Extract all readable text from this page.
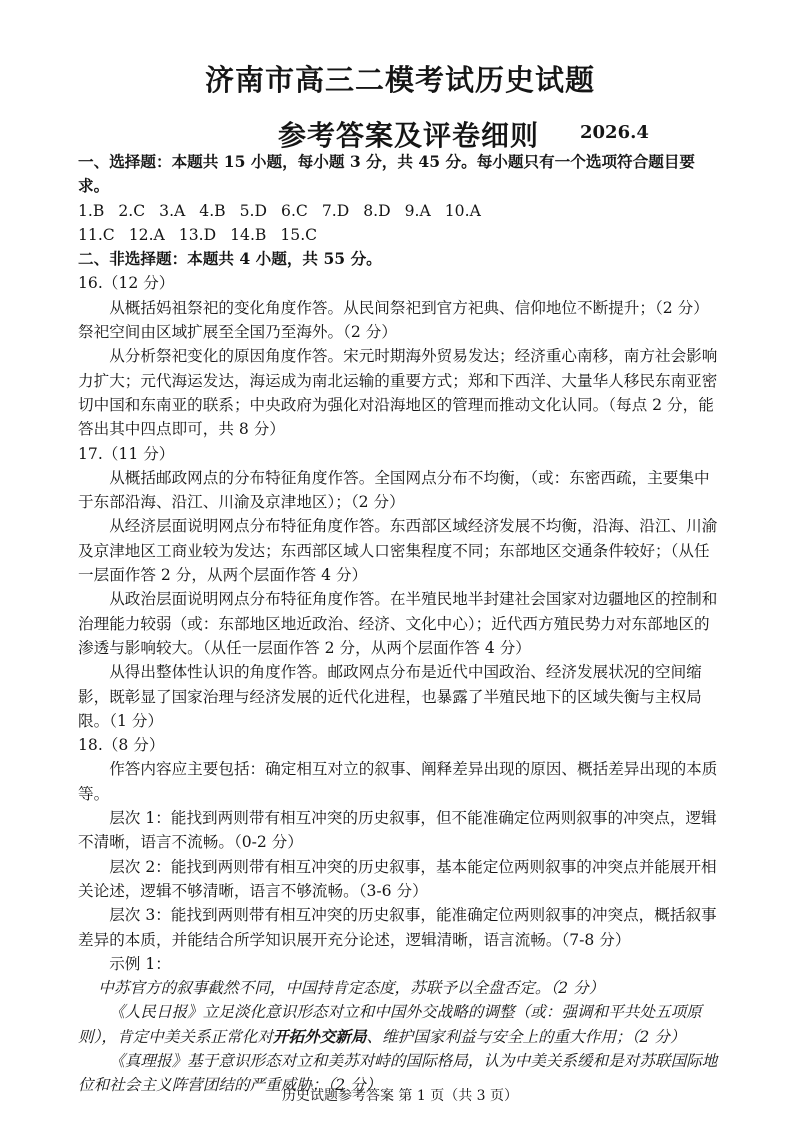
济南市高三二模考试历史试题
参考答案及评卷细则 2026.4

一、选择题：本题共 15 小题，每小题 3 分，共 45 分。每小题只有一个选项符合题目要求。

1.B 2.C 3.A 4.B 5.D 6.C 7.D 8.D 9.A 10.A

11.C 12.A 13.D 14.B 15.C

二、非选择题：本题共 4 小题，共 55 分。

16.（12 分）

从概括妈祖祭祀的变化角度作答。从民间祭祀到官方祀典、信仰地位不断提升；（2 分）祭祀空间由区域扩展至全国乃至海外。（2 分）

从分析祭祀变化的原因角度作答。宋元时期海外贸易发达；经济重心南移，南方社会影响力扩大；元代海运发达，海运成为南北运输的重要方式；郑和下西洋、大量华人移民东南亚密切中国和东南亚的联系；中央政府为强化对沿海地区的管理而推动文化认同。（每点 2 分，能答出其中四点即可，共 8 分）

17.（11 分）

从概括邮政网点的分布特征角度作答。全国网点分布不均衡，（或：东密西疏，主要集中于东部沿海、沿江、川渝及京津地区）；（2 分）

从经济层面说明网点分布特征角度作答。东西部区域经济发展不均衡，沿海、沿江、川渝及京津地区工商业较为发达；东西部区域人口密集程度不同；东部地区交通条件较好；（从任一层面作答 2 分，从两个层面作答 4 分）

从政治层面说明网点分布特征角度作答。在半殖民地半封建社会国家对边疆地区的控制和治理能力较弱（或：东部地区地近政治、经济、文化中心）；近代西方殖民势力对东部地区的渗透与影响较大。（从任一层面作答 2 分，从两个层面作答 4 分）

从得出整体性认识的角度作答。邮政网点分布是近代中国政治、经济发展状况的空间缩影，既彰显了国家治理与经济发展的近代化进程，也暴露了半殖民地下的区域失衡与主权局限。（1 分）

18.（8 分）

作答内容应主要包括：确定相互对立的叙事、阐释差异出现的原因、概括差异出现的本质等。

层次 1：能找到两则带有相互冲突的历史叙事，但不能准确定位两则叙事的冲突点，逻辑不清晰，语言不流畅。（0-2 分）

层次 2：能找到两则带有相互冲突的历史叙事，基本能定位两则叙事的冲突点并能展开相关论述，逻辑不够清晰，语言不够流畅。（3-6 分）

层次 3：能找到两则带有相互冲突的历史叙事，能准确定位两则叙事的冲突点，概括叙事差异的本质，并能结合所学知识展开充分论述，逻辑清晰，语言流畅。（7-8 分）

示例 1：

中苏官方的叙事截然不同，中国持肯定态度，苏联予以全盘否定。（2 分）

《人民日报》立足淡化意识形态对立和中国外交战略的调整（或：强调和平共处五项原则），肯定中美关系正常化对开拓外交新局、维护国家利益与安全上的重大作用；（2 分）

《真理报》基于意识形态对立和美苏对峙的国际格局，认为中美关系缓和是对苏联国际地位和社会主义阵营团结的严重威胁；（2 分）

历史试题参考答案 第 1 页（共 3 页）
